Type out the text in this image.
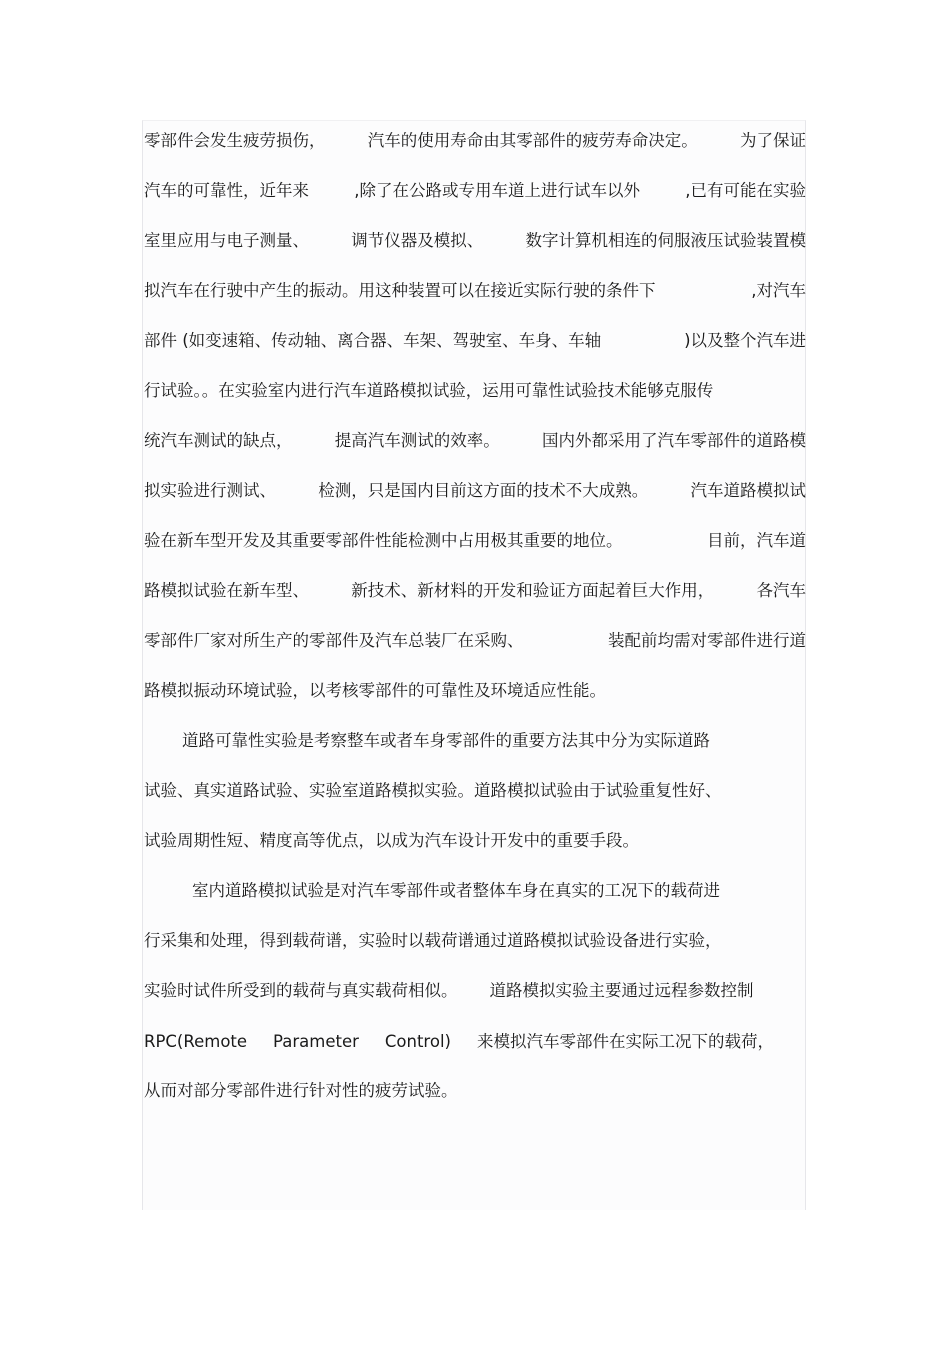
零部件会发生疲劳损伤，	汽车的使用寿命由其零部件的疲劳寿命决定。	为了保证
汽车的可靠性，近年来	,除了在公路或专用车道上进行试车以外	,已有可能在实验
室里应用与电子测量、	调节仪器及模拟、	数字计算机相连的伺服液压试验装置模
拟汽车在行驶中产生的振动。用这种装置可以在接近实际行驶的条件下	,对汽车
部件 (如变速箱、传动轴、离合器、车架、驾驶室、车身、车轴	)以及整个汽车进
行试验。。在实验室内进行汽车道路模拟试验，运用可靠性试验技术能够克服传
统汽车测试的缺点，	提高汽车测试的效率。	国内外都采用了汽车零部件的道路模
拟实验进行测试、	检测，只是国内目前这方面的技术不大成熟。	汽车道路模拟试
验在新车型开发及其重要零部件性能检测中占用极其重要的地位。	目前，汽车道
路模拟试验在新车型、	新技术、新材料的开发和验证方面起着巨大作用，	各汽车
零部件厂家对所生产的零部件及汽车总装厂在采购、	装配前均需对零部件进行道
路模拟振动环境试验，以考核零部件的可靠性及环境适应性能。
道路可靠性实验是考察整车或者车身零部件的重要方法其中分为实际道路
试验、真实道路试验、实验室道路模拟实验。道路模拟试验由于试验重复性好、
试验周期性短、精度高等优点，以成为汽车设计开发中的重要手段。
室内道路模拟试验是对汽车零部件或者整体车身在真实的工况下的载荷进
行采集和处理，得到载荷谱，实验时以载荷谱通过道路模拟试验设备进行实验，
实验时试件所受到的载荷与真实载荷相似。 道路模拟实验主要通过远程参数控制
RPC(Remote Parameter Control) 来模拟汽车零部件在实际工况下的载荷，
从而对部分零部件进行针对性的疲劳试验。
